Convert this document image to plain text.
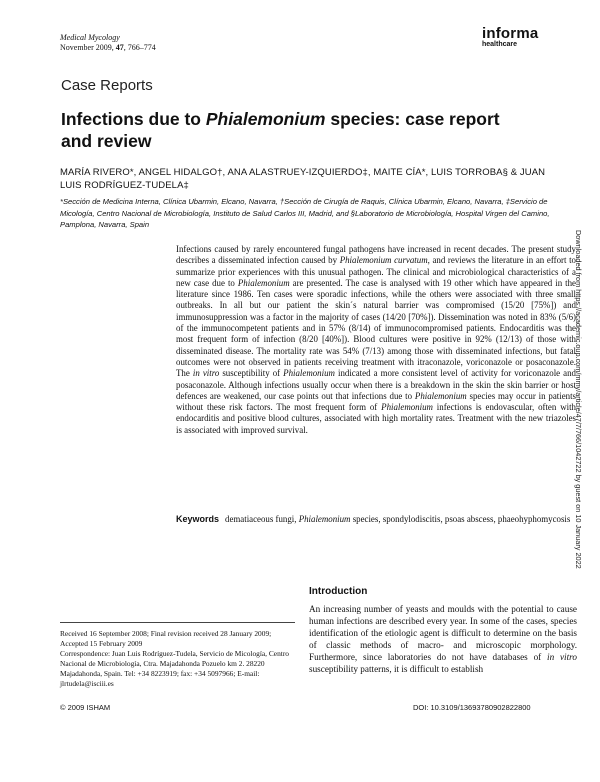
Medical Mycology
November 2009, 47, 766–774
informa
healthcare
Case Reports
Infections due to Phialemonium species: case report and review
MARÍA RIVERO*, ANGEL HIDALGO†, ANA ALASTRUEY-IZQUIERDO‡, MAITE CÍA*, LUIS TORROBA§ & JUAN LUIS RODRÍGUEZ-TUDELA‡
*Sección de Medicina Interna, Clínica Ubarmin, Elcano, Navarra, †Sección de Cirugía de Raquis, Clínica Ubarmin, Elcano, Navarra, ‡Servicio de Micología, Centro Nacional de Microbiología, Instituto de Salud Carlos III, Madrid, and §Laboratorio de Microbiología, Hospital Virgen del Camino, Pamplona, Navarra, Spain
Infections caused by rarely encountered fungal pathogens have increased in recent decades. The present study describes a disseminated infection caused by Phialemonium curvatum, and reviews the literature in an effort to summarize prior experiences with this unusual pathogen. The clinical and microbiological characteristics of a new case due to Phialemonium are presented. The case is analysed with 19 other which have appeared in the literature since 1986. Ten cases were sporadic infections, while the others were associated with three small outbreaks. In all but our patient the skin´s natural barrier was compromised (15/20 [75%]) and immunosuppression was a factor in the majority of cases (14/20 [70%]). Dissemination was noted in 83% (5/6) of the immunocompetent patients and in 57% (8/14) of immunocompromised patients. Endocarditis was the most frequent form of infection (8/20 [40%]). Blood cultures were positive in 92% (12/13) of those with disseminated disease. The mortality rate was 54% (7/13) among those with disseminated infections, but fatal outcomes were not observed in patients receiving treatment with itraconazole, voriconazole or posaconazole. The in vitro susceptibility of Phialemonium indicated a more consistent level of activity for voriconazole and posaconazole. Although infections usually occur when there is a breakdown in the skin the skin barrier or host defences are weakened, our case points out that infections due to Phialemonium species may occur in patients without these risk factors. The most frequent form of Phialemonium infections is endovascular, often with endocarditis and positive blood cultures, associated with high mortality rates. Treatment with the new triazoles is associated with improved survival.
Keywords dematiaceous fungi, Phialemonium species, spondylodiscitis, psoas abscess, phaeohyphomycosis
Introduction
An increasing number of yeasts and moulds with the potential to cause human infections are described every year. In some of the cases, species identification of the etiologic agent is difficult to determine on the basis of classic methods of macro- and microscopic morphology. Furthermore, since laboratories do not have databases of in vitro susceptibility patterns, it is difficult to establish
Received 16 September 2008; Final revision received 28 January 2009; Accepted 15 February 2009
Correspondence: Juan Luis Rodríguez-Tudela, Servicio de Micología, Centro Nacional de Microbiología, Ctra. Majadahonda Pozuelo km 2. 28220 Majadahonda, Spain. Tel: +34 8223919; fax: +34 5097966; E-mail: jlrtudela@isciii.es
© 2009 ISHAM	DOI: 10.3109/13693780902822800
Downloaded from https://academic.oup.com/mmy/article/47/7/766/1042722 by guest on 10 January 2022
